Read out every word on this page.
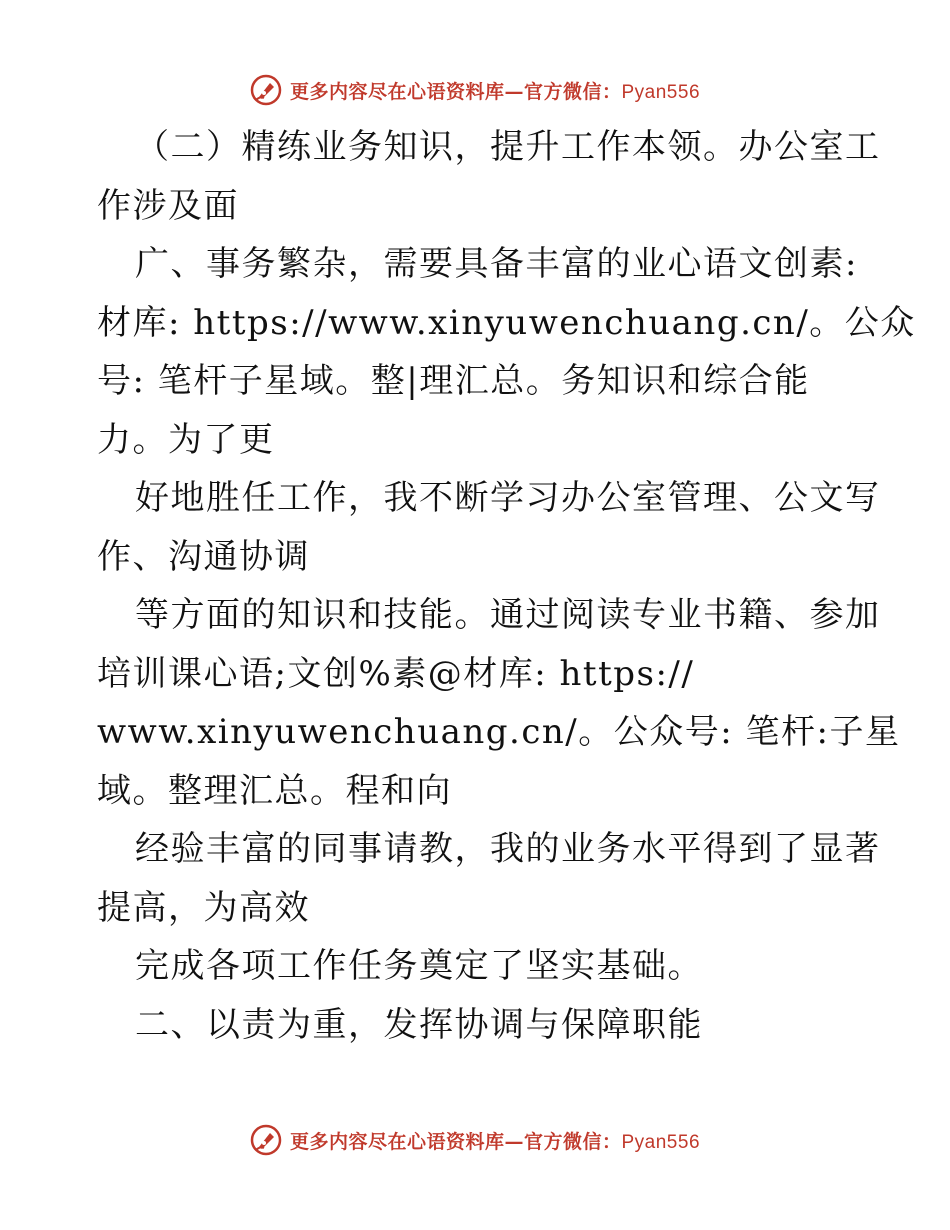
更多内容尽在心语资料库—官方微信：Pyan556
（二）精练业务知识，提升工作本领。办公室工
作涉及面
广、事务繁杂，需要具备丰富的业心语文创素:
材库: https://www.xinyuwenchuang.cn/。公众
号: 笔杆子星域。整|理汇总。务知识和综合能
力。为了更
好地胜任工作，我不断学习办公室管理、公文写
作、沟通协调
等方面的知识和技能。通过阅读专业书籍、参加
培训课心语;文创%素@材库: https://
www.xinyuwenchuang.cn/。公众号: 笔杆:子星
域。整理汇总。程和向
经验丰富的同事请教，我的业务水平得到了显著
提高，为高效
完成各项工作任务奠定了坚实基础。
二、以责为重，发挥协调与保障职能
更多内容尽在心语资料库—官方微信：Pyan556
